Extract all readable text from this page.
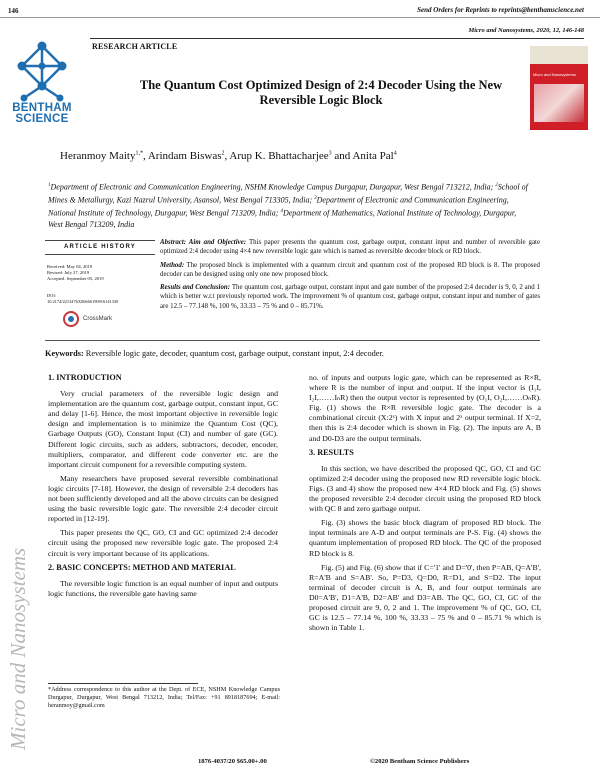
146	Send Orders for Reprints to reprints@benthamscience.net
Micro and Nanosystems, 2020, 12, 146-148
RESEARCH ARTICLE
BENTHAM
SCIENCE
The Quantum Cost Optimized Design of 2:4 Decoder Using the New Reversible Logic Block
Micro and Nanosystems
Heranmoy Maity$^{1,*}$, Arindam Biswas$^2$, Arup K. Bhattacharjee$^3$ and Anita Pal$^4$
$^1$Department of Electronic and Communication Engineering, NSHM Knowledge Campus Durgapur, Durgapur, West Bengal 713212, India; $^2$School of Mines & Metallurgy, Kazi Nazrul University, Asansol, West Bengal 713305, India; $^3$Department of Electronic and Communication Engineering, National Institute of Technology, Durgapur, West Bengal 713209, India; $^4$Department of Mathematics, National Institute of Technology, Durgapur, West Bengal 713209, India
ARTICLE HISTORY
Received: May 04, 2019
Revised: July 27, 2019
Accepted: September 05, 2019
DOI:
10.2174/2213476X06666190916141330
CrossMark

Abstract: Aim and Objective: This paper presents the quantum cost, garbage output, constant input and number of reversible gate optimized 2:4 decoder using 4×4 new reversible logic gate which is named as reversible decoder block or RD block.

Method: The proposed block is implemented with a quantum circuit and quantum cost of the proposed RD block is 8. The proposed decoder can be designed using only one new proposed block.

Results and Conclusion: The quantum cost, garbage output, constant input and gate number of the proposed 2:4 decoder is 9, 0, 2 and 1 which is better w.r.t previously reported work. The improvement % of quantum cost, garbage output, constant input and number of gates are 12.5 – 77.148 %, 100 %, 33.33 – 75 % and 0 – 85.71%.

Keywords: Reversible logic gate, decoder, quantum cost, garbage output, constant input, 2:4 decoder.
1. INTRODUCTION

Very crucial parameters of the reversible logic design and implementation are the quantum cost, garbage output, constant input, GC and delay [1-6]. Hence, the most important objective in reversible logic design and implementation is to minimize the Quantum Cost (QC), Garbage Outputs (GO), Constant Input (CI) and number of gate (GC). Different logic circuits, such as adders, subtractors, decoder, encoder, multipliers, comparator, and different code converter etc. are the important circuit component for a reversible computing system.

Many researchers have proposed several reversible combinational logic circuits [7-18]. However, the design of reversible 2:4 decoders has not been sufficiently developed and all the above circuits can be designed using the basic reversible logic gate. The reversible 2:4 decoder circuit reported in [12-19].

This paper presents the QC, GO, CI and GC optimized 2:4 decoder circuit using the proposed new reversible logic gate. The proposed 2:4 circuit is very important because of its applications.

2. BASIC CONCEPTS: METHOD AND MATERIAL

The reversible logic function is an equal number of input and outputs logic functions, the reversible gate having same

no. of inputs and outputs logic gate, which can be represented as R×R, where R is the number of input and output. If the input vector is (I₁I, I₂I,……IₙR) then the output vector is represented by (O₁I, O₂I,……OₙR). Fig. (1) shows the R×R reversible logic gate. The decoder is a combinational circuit (X:2ˣ) with X input and 2ˣ output terminal. If X=2, then this is 2:4 decoder which is shown in Fig. (2). The inputs are A, B and D0-D3 are the output terminals.

3. RESULTS

In this section, we have described the proposed QC, GO, CI and GC optimized 2:4 decoder using the proposed new RD reversible logic block. Figs. (3 and 4) show the proposed new 4×4 RD block and Fig. (5) shows the proposed reversible 2:4 decoder circuit using the proposed RD block with QC 8 and zero garbage output.

Fig. (3) shows the basic block diagram of proposed RD block. The input terminals are A-D and output terminals are P-S. Fig. (4) shows the quantum implementation of proposed RD block. The QC of the proposed RD block is 8.

Fig. (5) and Fig. (6) show that if C='1' and D='0', then P=AB, Q=A'B', R=A'B and S=AB'. So, P=D3, Q=D0, R=D1, and S=D2. The input terminal of decoder circuit is A, B, and four output terminals are D0=A'B', D1=A'B, D2=AB' and D3=AB. The QC, GO, CI, GC of the proposed circuit are 9, 0, 2 and 1. The improvement % of QC, GO, CI, GC is 12.5 – 77.14 %, 100 %, 33.33 – 75 % and 0 – 85.71 % which is shown in Table 1.

*Address correspondence to this author at the Dept. of ECE, NSHM Knowledge Campus Durgapur, Durgapur, West Bengal 713212, India; Tel/Fax: +91 8918187694; E-mail: heranmoy@gmail.com
1876-4037/20 $65.00+.00	©2020 Bentham Science Publishers
Micro and Nanosystems
